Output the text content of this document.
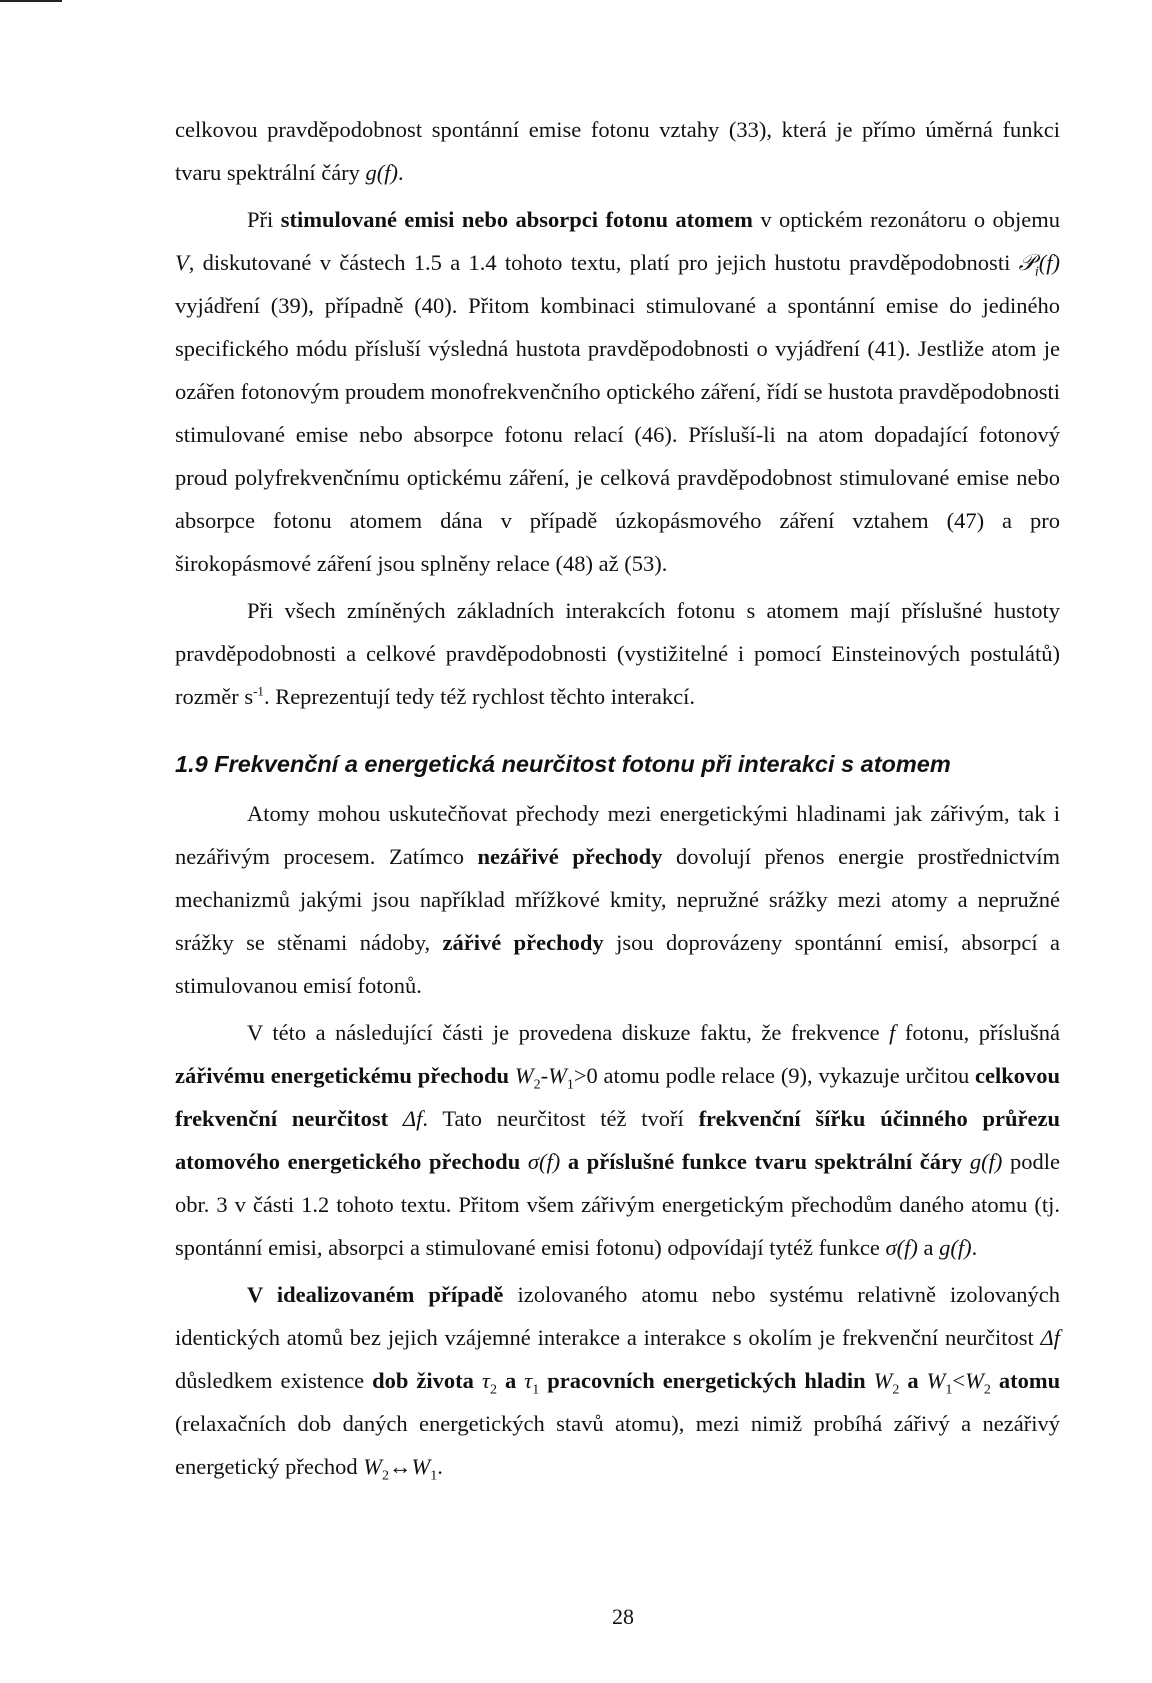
celkovou pravděpodobnost spontánní emise fotonu vztahy (33), která je přímo úměrná funkci tvaru spektrální čáry g(f).

Při stimulované emisi nebo absorpci fotonu atomem v optickém rezonátoru o objemu V, diskutované v částech 1.5 a 1.4 tohoto textu, platí pro jejich hustotu pravděpodobnosti 𝒫$_i$(f) vyjádření (39), případně (40). Přitom kombinaci stimulované a spontánní emise do jediného specifického módu přísluší výsledná hustota pravděpodobnosti o vyjádření (41). Jestliže atom je ozářen fotonovým proudem monofrekvenčního optického záření, řídí se hustota pravděpodobnosti stimulované emise nebo absorpce fotonu relací (46). Přísluší-li na atom dopadající fotonový proud polyfrekvenčnímu optickému záření, je celková pravděpodobnost stimulované emise nebo absorpce fotonu atomem dána v případě úzkopásmového záření vztahem (47) a pro širokopásmové záření jsou splněny relace (48) až (53).

Při všech zmíněných základních interakcích fotonu s atomem mají příslušné hustoty pravděpodobnosti a celkové pravděpodobnosti (vystižitelné i pomocí Einsteinových postulátů) rozměr $s^{-1}$. Reprezentují tedy též rychlost těchto interakcí.

1.9 Frekvenční a energetická neurčitost fotonu při interakci s atomem

Atomy mohou uskutečňovat přechody mezi energetickými hladinami jak zářivým, tak i nezářivým procesem. Zatímco nezářivé přechody dovolují přenos energie prostřednictvím mechanizmů jakými jsou například mřížkové kmity, nepružné srážky mezi atomy a nepružné srážky se stěnami nádoby, zářivé přechody jsou doprovázeny spontánní emisí, absorpcí a stimulovanou emisí fotonů.

V této a následující části je provedena diskuze faktu, že frekvence f fotonu, příslušná zářivému energetickému přechodu $W_2-W_1>0$ atomu podle relace (9), vykazuje určitou celkovou frekvenční neurčitost Δf. Tato neurčitost též tvoří frekvenční šířku účinného průřezu atomového energetického přechodu σ(f) a příslušné funkce tvaru spektrální čáry g(f) podle obr. 3 v části 1.2 tohoto textu. Přitom všem zářivým energetickým přechodům daného atomu (tj. spontánní emisi, absorpci a stimulované emisi fotonu) odpovídají tytéž funkce σ(f) a g(f).

V idealizovaném případě izolovaného atomu nebo systému relativně izolovaných identických atomů bez jejich vzájemné interakce a interakce s okolím je frekvenční neurčitost Δf důsledkem existence dob života $\tau_2$ a $\tau_1$ pracovních energetických hladin $W_2$ a $W_1<W_2$ atomu (relaxačních dob daných energetických stavů atomu), mezi nimiž probíhá zářivý a nezářivý energetický přechod $W_2\leftrightarrow W_1$.

28
